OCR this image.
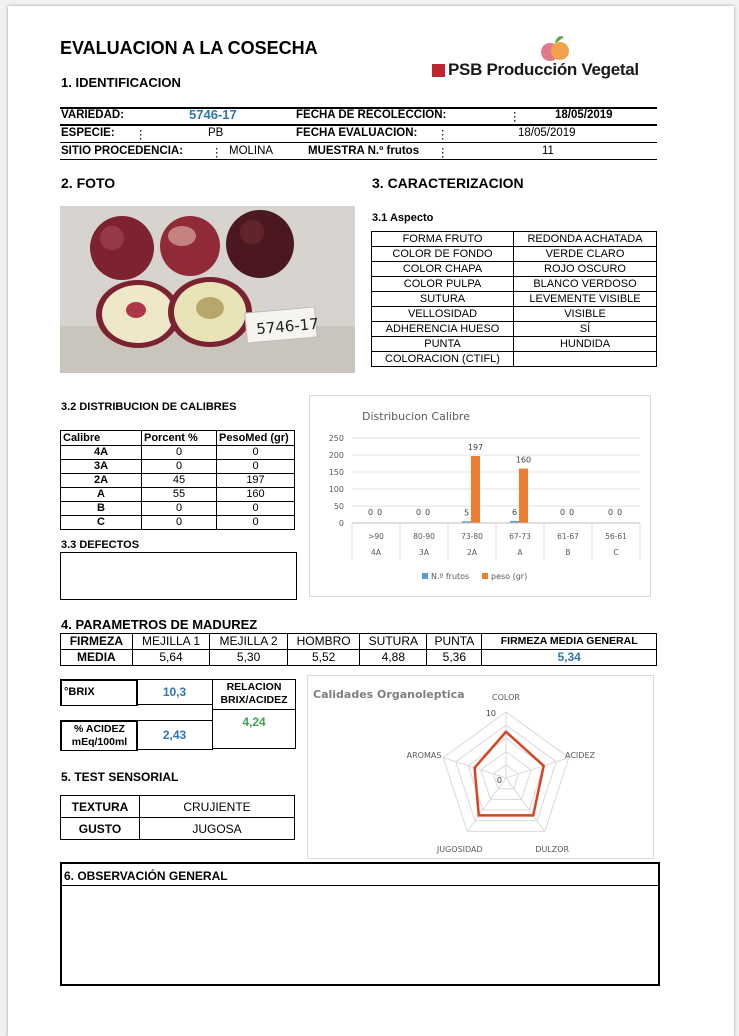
EVALUACION A LA COSECHA
1. IDENTIFICACION
PSB Producción Vegetal
VARIEDAD:	5746-17	FECHA DE RECOLECCION:	⋮	18/05/2019
ESPECIE: ⋮	PB	FECHA EVALUACION: ⋮	18/05/2019
SITIO PROCEDENCIA: ⋮ MOLINA	MUESTRA N.º frutos ⋮	11
2. FOTO	3. CARACTERIZACION
5746-17
3.1 Aspecto
FORMA FRUTO	REDONDA ACHATADA
COLOR DE FONDO	VERDE CLARO
COLOR CHAPA	ROJO OSCURO
COLOR PULPA	BLANCO VERDOSO
SUTURA	LEVEMENTE VISIBLE
VELLOSIDAD	VISIBLE
ADHERENCIA HUESO	SÍ
PUNTA	HUNDIDA
COLORACION (CTIFL)	
3.2 DISTRIBUCION DE CALIBRES
Calibre	Porcent %	PesoMed (gr)
4A	0	0
3A	0	0
2A	45	197
A	55	160
B	0	0
C	0	0
3.3 DEFECTOS
Distribucion Calibre
250
200
150
100
50
0
>90
4A
0 0
80-90
3A
0 0
73-80
2A
5
197
67-73
A
6
160
61-67
B
0 0
56-61
C
0 0
N.º frutos	peso (gr)
4. PARAMETROS DE MADUREZ
FIRMEZA	MEJILLA 1	MEJILLA 2	HOMBRO	SUTURA	PUNTA	FIRMEZA MEDIA GENERAL
MEDIA	5,64	5,30	5,52	4,88	5,36	5,34
°BRIX	10,3	RELACION
BRIX/ACIDEZ
4,24
% ACIDEZ
mEq/100ml	2,43
Calidades Organoleptica	COLOR
ACIDEZ
DULZOR
JUGOSIDAD
AROMAS
10
0
5. TEST SENSORIAL
TEXTURA	CRUJIENTE
GUSTO	JUGOSA
6. OBSERVACIÓN GENERAL
